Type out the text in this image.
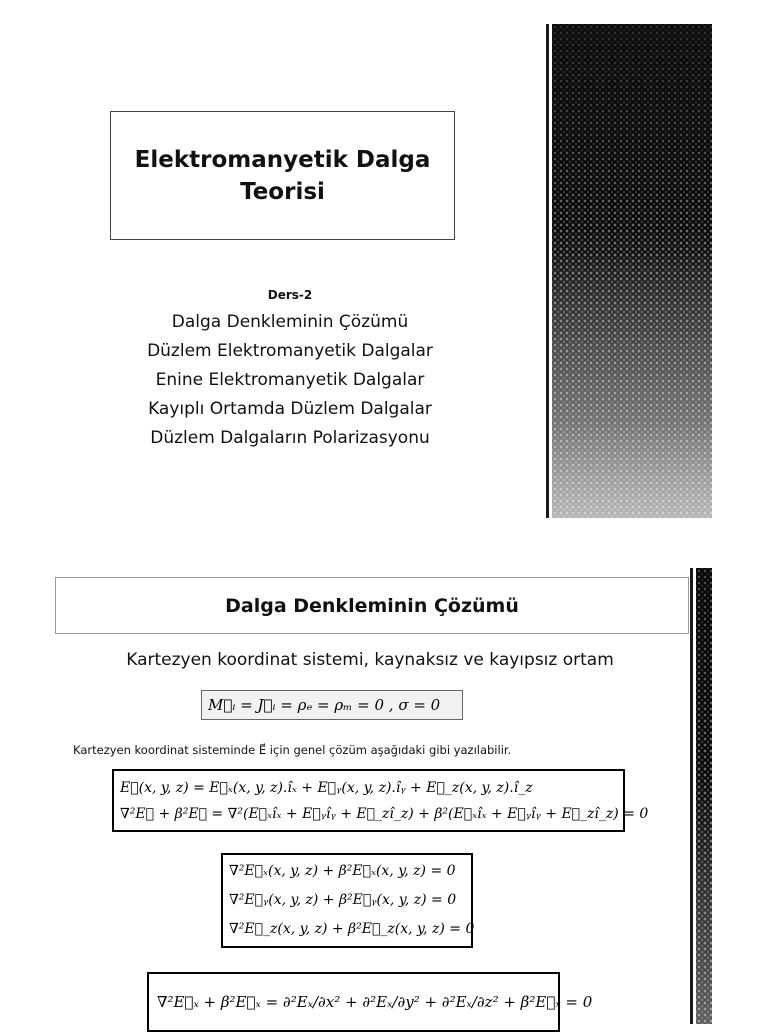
Elektromanyetik Dalga
Teorisi
Ders-2
Dalga Denkleminin Çözümü
Düzlem Elektromanyetik Dalgalar
Enine Elektromanyetik Dalgalar
Kayıplı Ortamda Düzlem Dalgalar
Düzlem Dalgaların Polarizasyonu
Dalga Denkleminin Çözümü
Kartezyen koordinat sistemi, kaynaksız ve kayıpsız ortam
M⃗ᵢ = J⃗ᵢ = ρₑ = ρₘ = 0 , σ = 0
Kartezyen koordinat sisteminde E⃗ için genel çözüm aşağıdaki gibi yazılabilir.
E⃗(x, y, z) = E⃗ₓ(x, y, z).îₓ + E⃗ᵧ(x, y, z).îᵧ + E⃗_z(x, y, z).î_z
∇²E⃗ + β²E⃗ = ∇²(E⃗ₓîₓ + E⃗ᵧîᵧ + E⃗_zî_z) + β²(E⃗ₓîₓ + E⃗ᵧîᵧ + E⃗_zî_z) = 0
∇²E⃗ₓ(x, y, z) + β²E⃗ₓ(x, y, z) = 0
∇²E⃗ᵧ(x, y, z) + β²E⃗ᵧ(x, y, z) = 0
∇²E⃗_z(x, y, z) + β²E⃗_z(x, y, z) = 0
∇²E⃗ₓ + β²E⃗ₓ = ∂²Eₓ/∂x² + ∂²Eₓ/∂y² + ∂²Eₓ/∂z² + β²E⃗ₓ = 0
